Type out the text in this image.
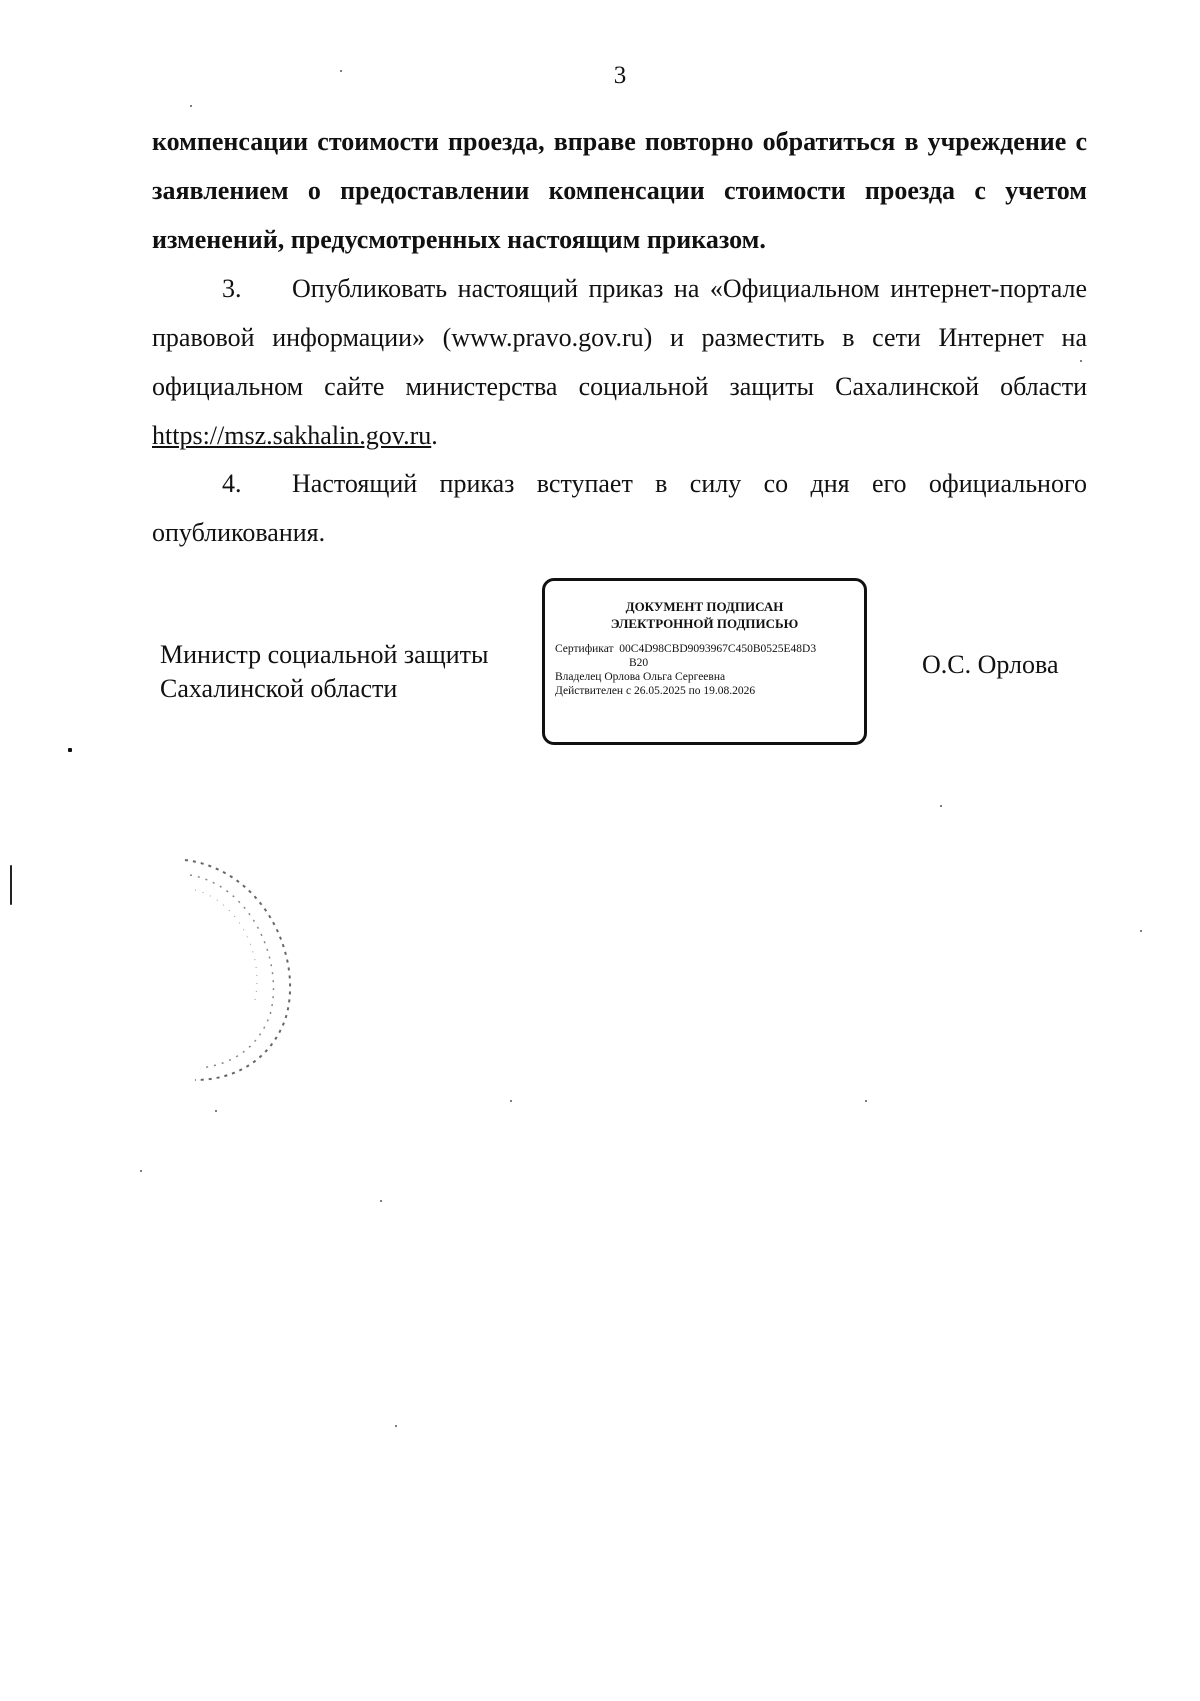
3

компенсации стоимости проезда, вправе повторно обратиться в учреждение с заявлением о предоставлении компенсации стоимости проезда с учетом изменений, предусмотренных настоящим приказом.

3. Опубликовать настоящий приказ на «Официальном интернет-портале правовой информации» (www.pravo.gov.ru) и разместить в сети Интернет на официальном сайте министерства социальной защиты Сахалинской области https://msz.sakhalin.gov.ru.

4. Настоящий приказ вступает в силу со дня его официального опубликования.

Министр социальной защиты
Сахалинской области
ДОКУМЕНТ ПОДПИСАН
ЭЛЕКТРОННОЙ ПОДПИСЬЮ
Сертификат 00C4D98CBD9093967C450B0525E48D3
B20
Владелец Орлова Ольга Сергеевна
Действителен с 26.05.2025 по 19.08.2026
О.С. Орлова
